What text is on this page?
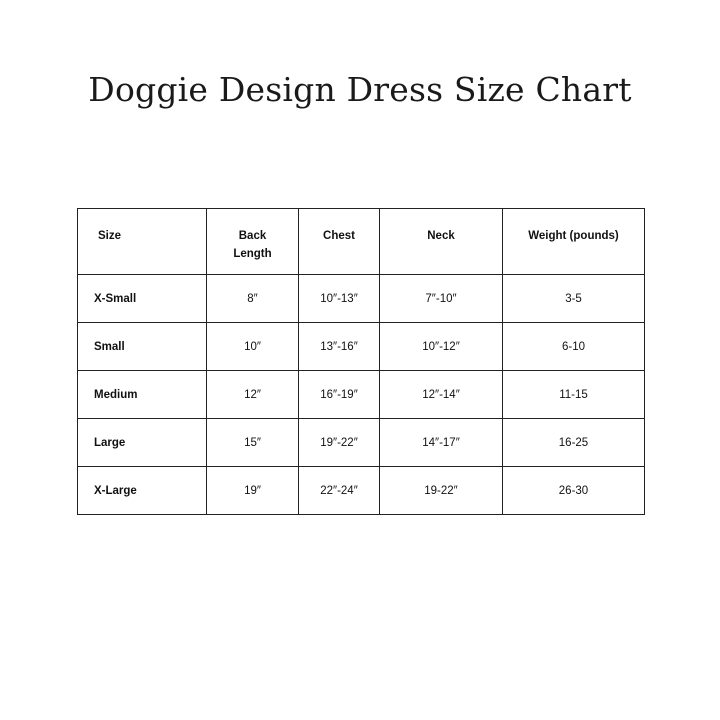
Doggie Design Dress Size Chart
Size	Back Length	Chest	Neck	Weight (pounds)
X-Small	8″	10″-13″	7″-10″	3-5
Small	10″	13″-16″	10″-12″	6-10
Medium	12″	16″-19″	12″-14″	11-15
Large	15″	19″-22″	14″-17″	16-25
X-Large	19″	22″-24″	19-22″	26-30
